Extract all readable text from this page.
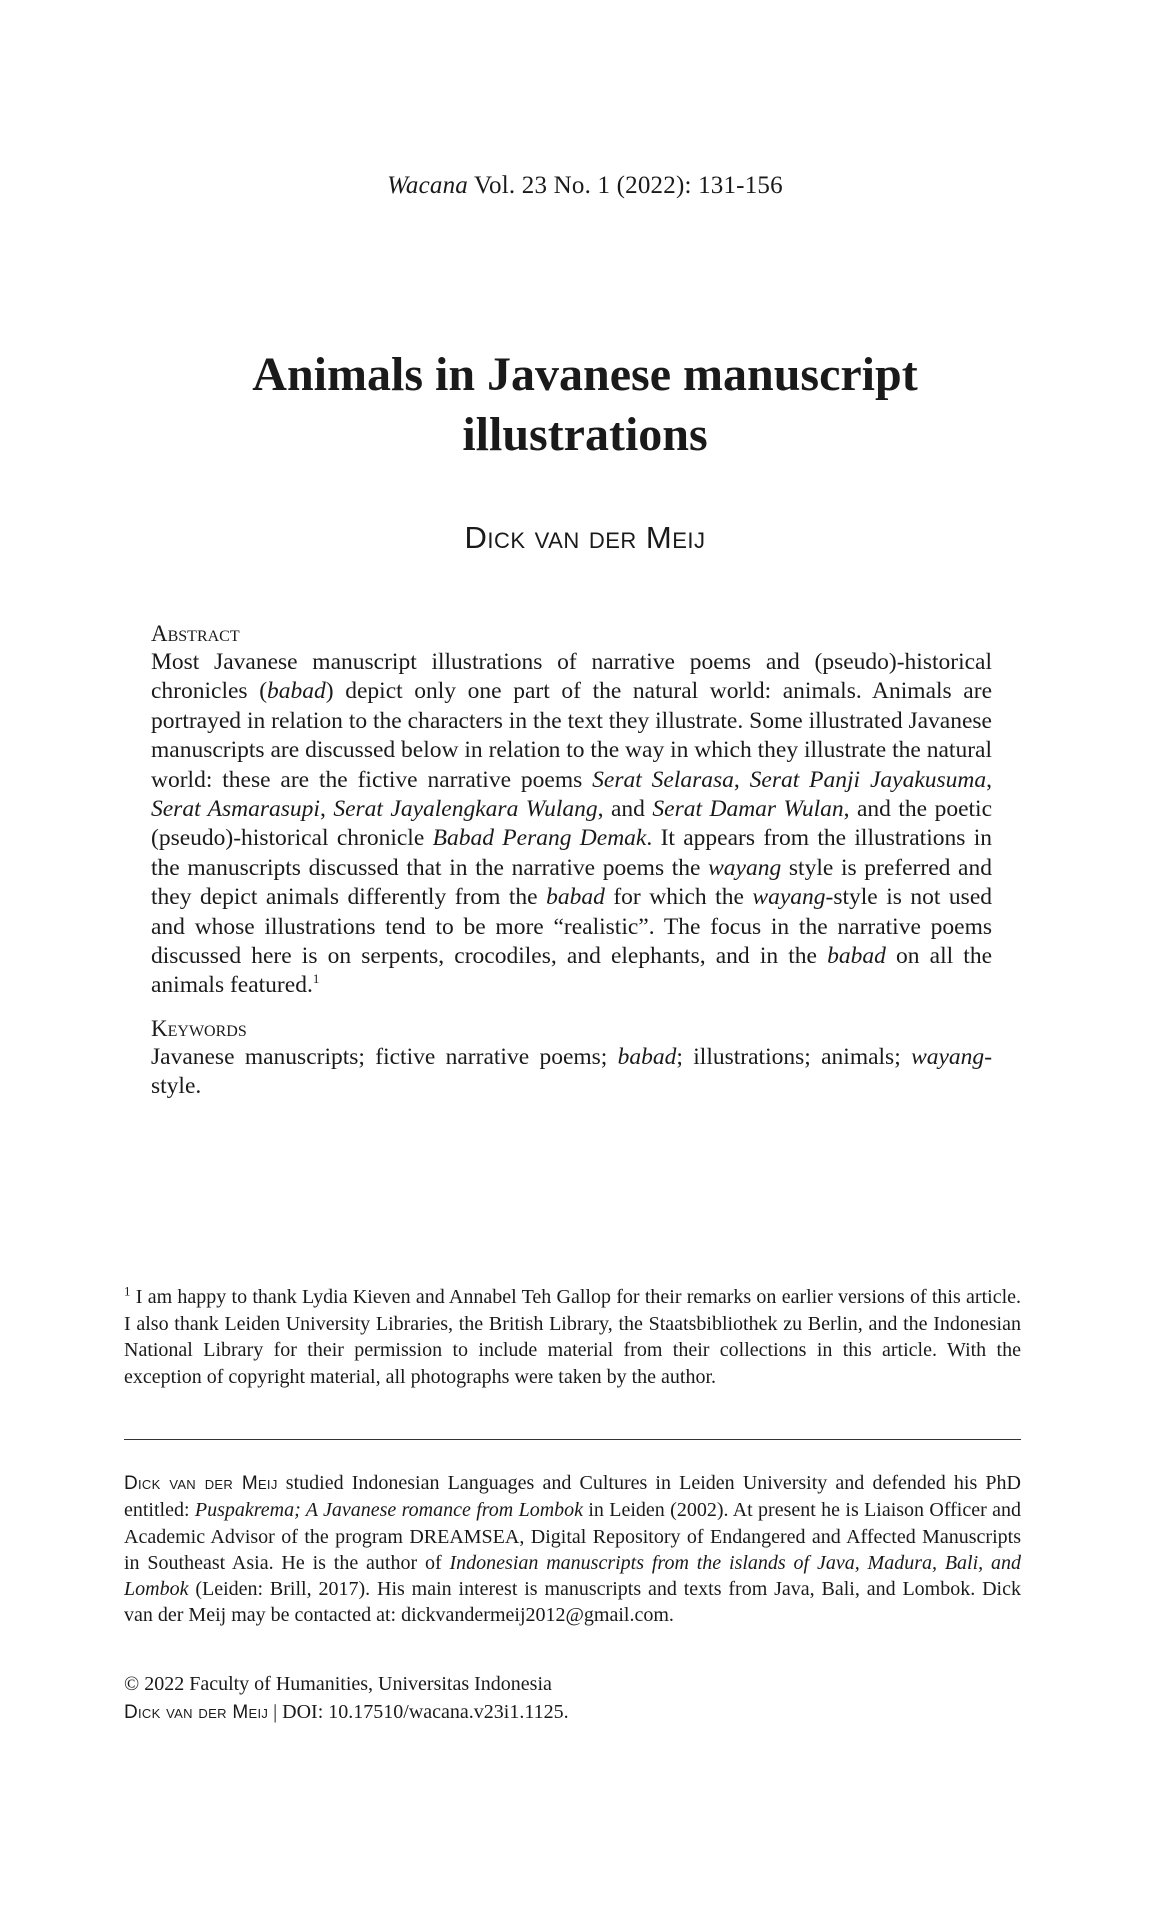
Wacana Vol. 23 No. 1 (2022): 131-156
Animals in Javanese manuscript illustrations
Dick van der Meij

Abstract

Most Javanese manuscript illustrations of narrative poems and (pseudo)-historical chronicles (babad) depict only one part of the natural world: animals. Animals are portrayed in relation to the characters in the text they illustrate. Some illustrated Javanese manuscripts are discussed below in relation to the way in which they illustrate the natural world: these are the fictive narrative poems Serat Selarasa, Serat Panji Jayakusuma, Serat Asmarasupi, Serat Jayalengkara Wulang, and Serat Damar Wulan, and the poetic (pseudo)-historical chronicle Babad Perang Demak. It appears from the illustrations in the manuscripts discussed that in the narrative poems the wayang style is preferred and they depict animals differently from the babad for which the wayang-style is not used and whose illustrations tend to be more “realistic”. The focus in the narrative poems discussed here is on serpents, crocodiles, and elephants, and in the babad on all the animals featured.$^1$

Keywords

Javanese manuscripts; fictive narrative poems; babad; illustrations; animals; wayang-style.

$^1$ I am happy to thank Lydia Kieven and Annabel Teh Gallop for their remarks on earlier versions of this article. I also thank Leiden University Libraries, the British Library, the Staatsbibliothek zu Berlin, and the Indonesian National Library for their permission to include material from their collections in this article. With the exception of copyright material, all photographs were taken by the author.

Dick van der Meij studied Indonesian Languages and Cultures in Leiden University and defended his PhD entitled: Puspakrema; A Javanese romance from Lombok in Leiden (2002). At present he is Liaison Officer and Academic Advisor of the program DREAMSEA, Digital Repository of Endangered and Affected Manuscripts in Southeast Asia. He is the author of Indonesian manuscripts from the islands of Java, Madura, Bali, and Lombok (Leiden: Brill, 2017). His main interest is manuscripts and texts from Java, Bali, and Lombok. Dick van der Meij may be contacted at: dickvandermeij2012@gmail.com.

© 2022 Faculty of Humanities, Universitas Indonesia
Dick van der Meij | DOI: 10.17510/wacana.v23i1.1125.
